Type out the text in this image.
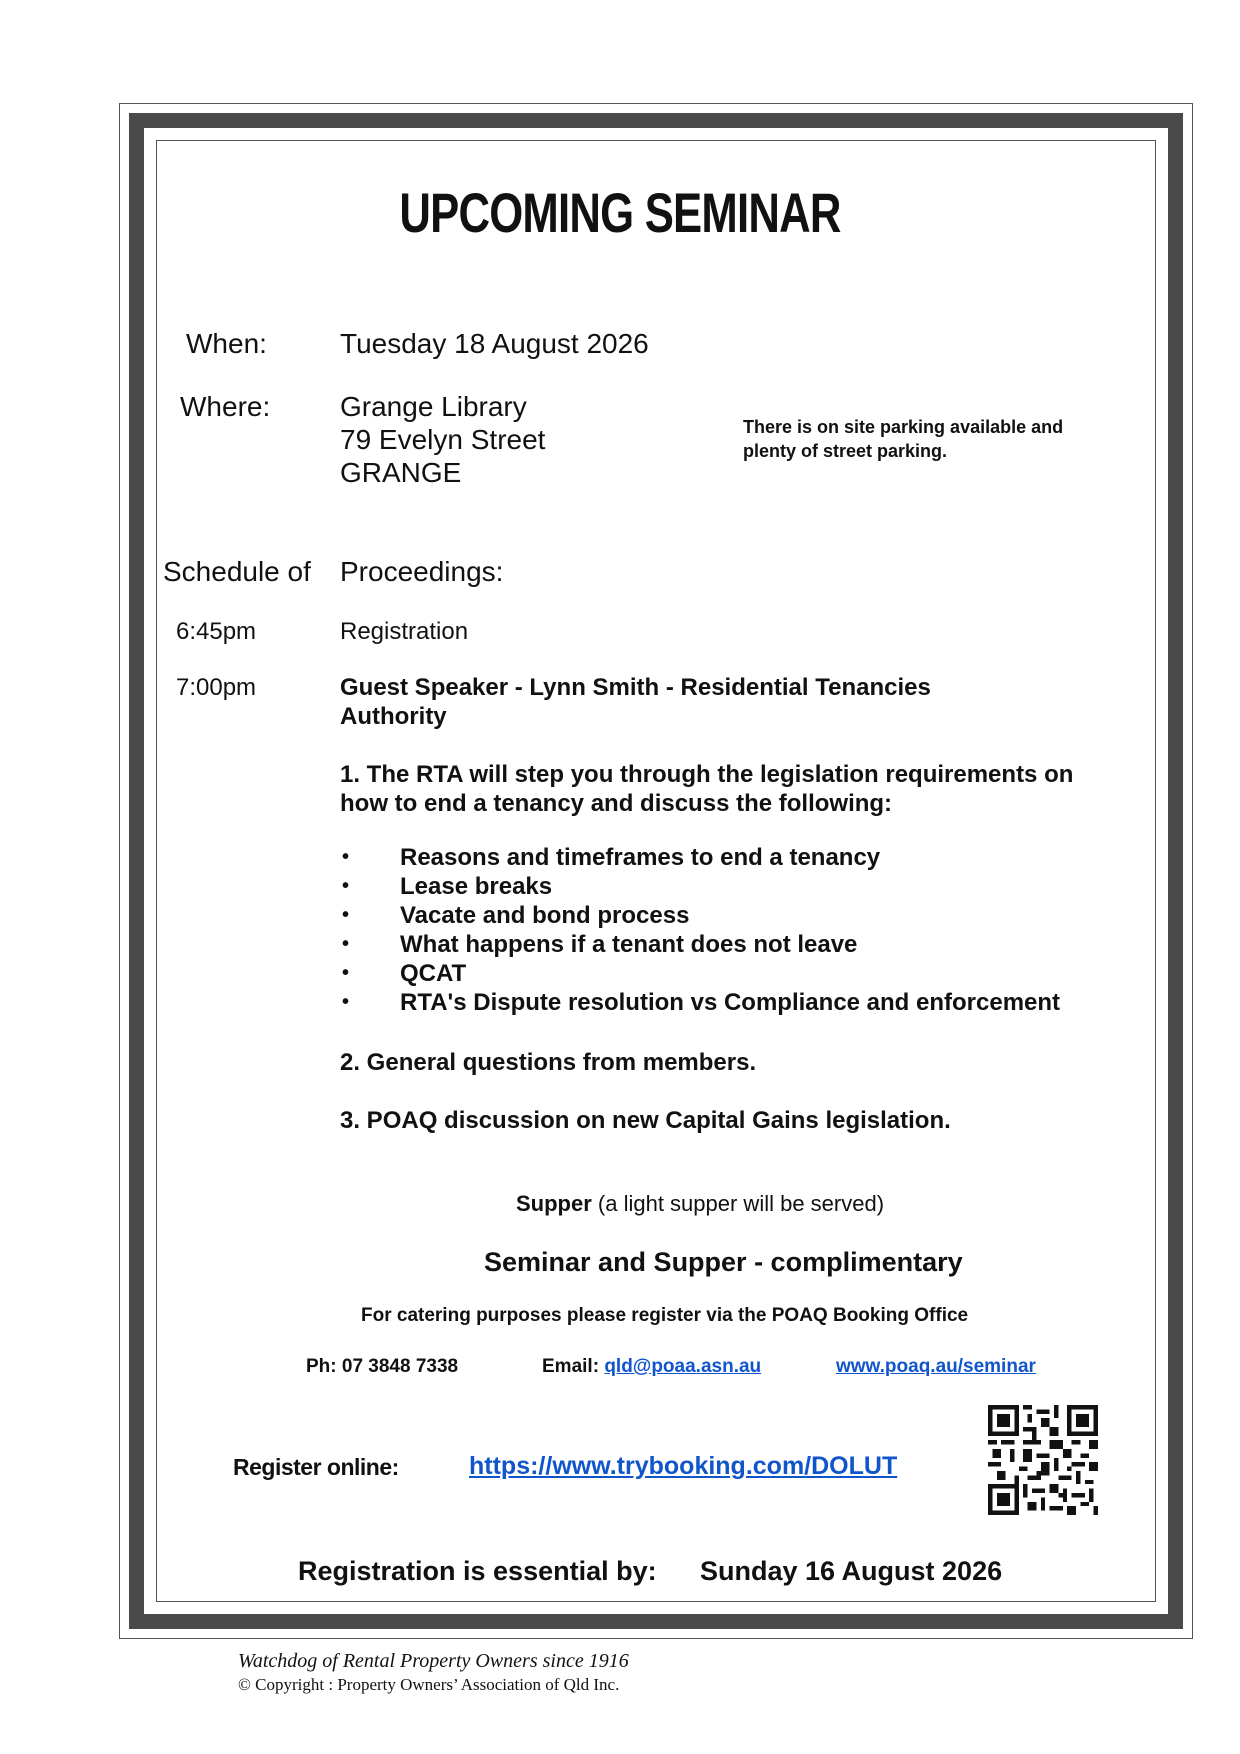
UPCOMING SEMINAR
When:	Tuesday 18 August 2026
Where: Grange Library
79 Evelyn Street
GRANGE
There is on site parking available and
plenty of street parking.
Schedule of Proceedings:
6:45pm	Registration
7:00pm	Guest Speaker - Lynn Smith - Residential Tenancies
Authority
1. The RTA will step you through the legislation requirements on
how to end a tenancy and discuss the following:
• Reasons and timeframes to end a tenancy
• Lease breaks
• Vacate and bond process
• What happens if a tenant does not leave
• QCAT
• RTA's Dispute resolution vs Compliance and enforcement
2. General questions from members.
3. POAQ discussion on new Capital Gains legislation.
Supper (a light supper will be served)
Seminar and Supper - complimentary
For catering purposes please register via the POAQ Booking Office
Ph: 07 3848 7338	Email: qld@poaa.asn.au	www.poaq.au/seminar
Register online:	https://www.trybooking.com/DOLUT
Registration is essential by: Sunday 16 August 2026
Watchdog of Rental Property Owners since 1916
© Copyright : Property Owners’ Association of Qld Inc.
